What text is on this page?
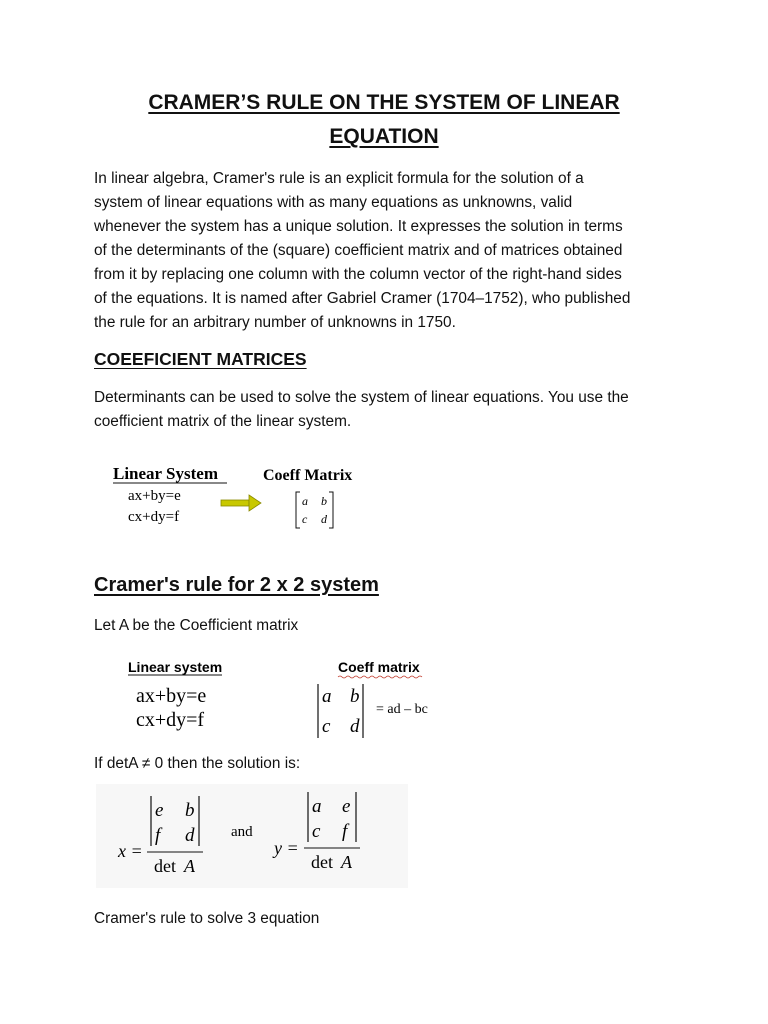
CRAMER’S RULE ON THE SYSTEM OF LINEAR
EQUATION
In linear algebra, Cramer's rule is an explicit formula for the solution of a
system of linear equations with as many equations as unknowns, valid
whenever the system has a unique solution. It expresses the solution in terms
of the determinants of the (square) coefficient matrix and of matrices obtained
from it by replacing one column with the column vector of the right-hand sides
of the equations. It is named after Gabriel Cramer (1704–1752), who published
the rule for an arbitrary number of unknowns in 1750.
COEEFICIENT MATRICES
Determinants can be used to solve the system of linear equations. You use the
coefficient matrix of the linear system.
Linear System
ax+by=e
cx+dy=f
Coeff Matrix
a b
c d
Cramer's rule for 2 x 2 system
Let A be the Coefficient matrix
Linear system
ax+by=e
cx+dy=f
Coeff matrix
a b
c d
= ad – bc
If detA ≠ 0 then the solution is:
x =
e b
f d
det A
and
y =
a e
c f
det A
Cramer's rule to solve 3 equation
